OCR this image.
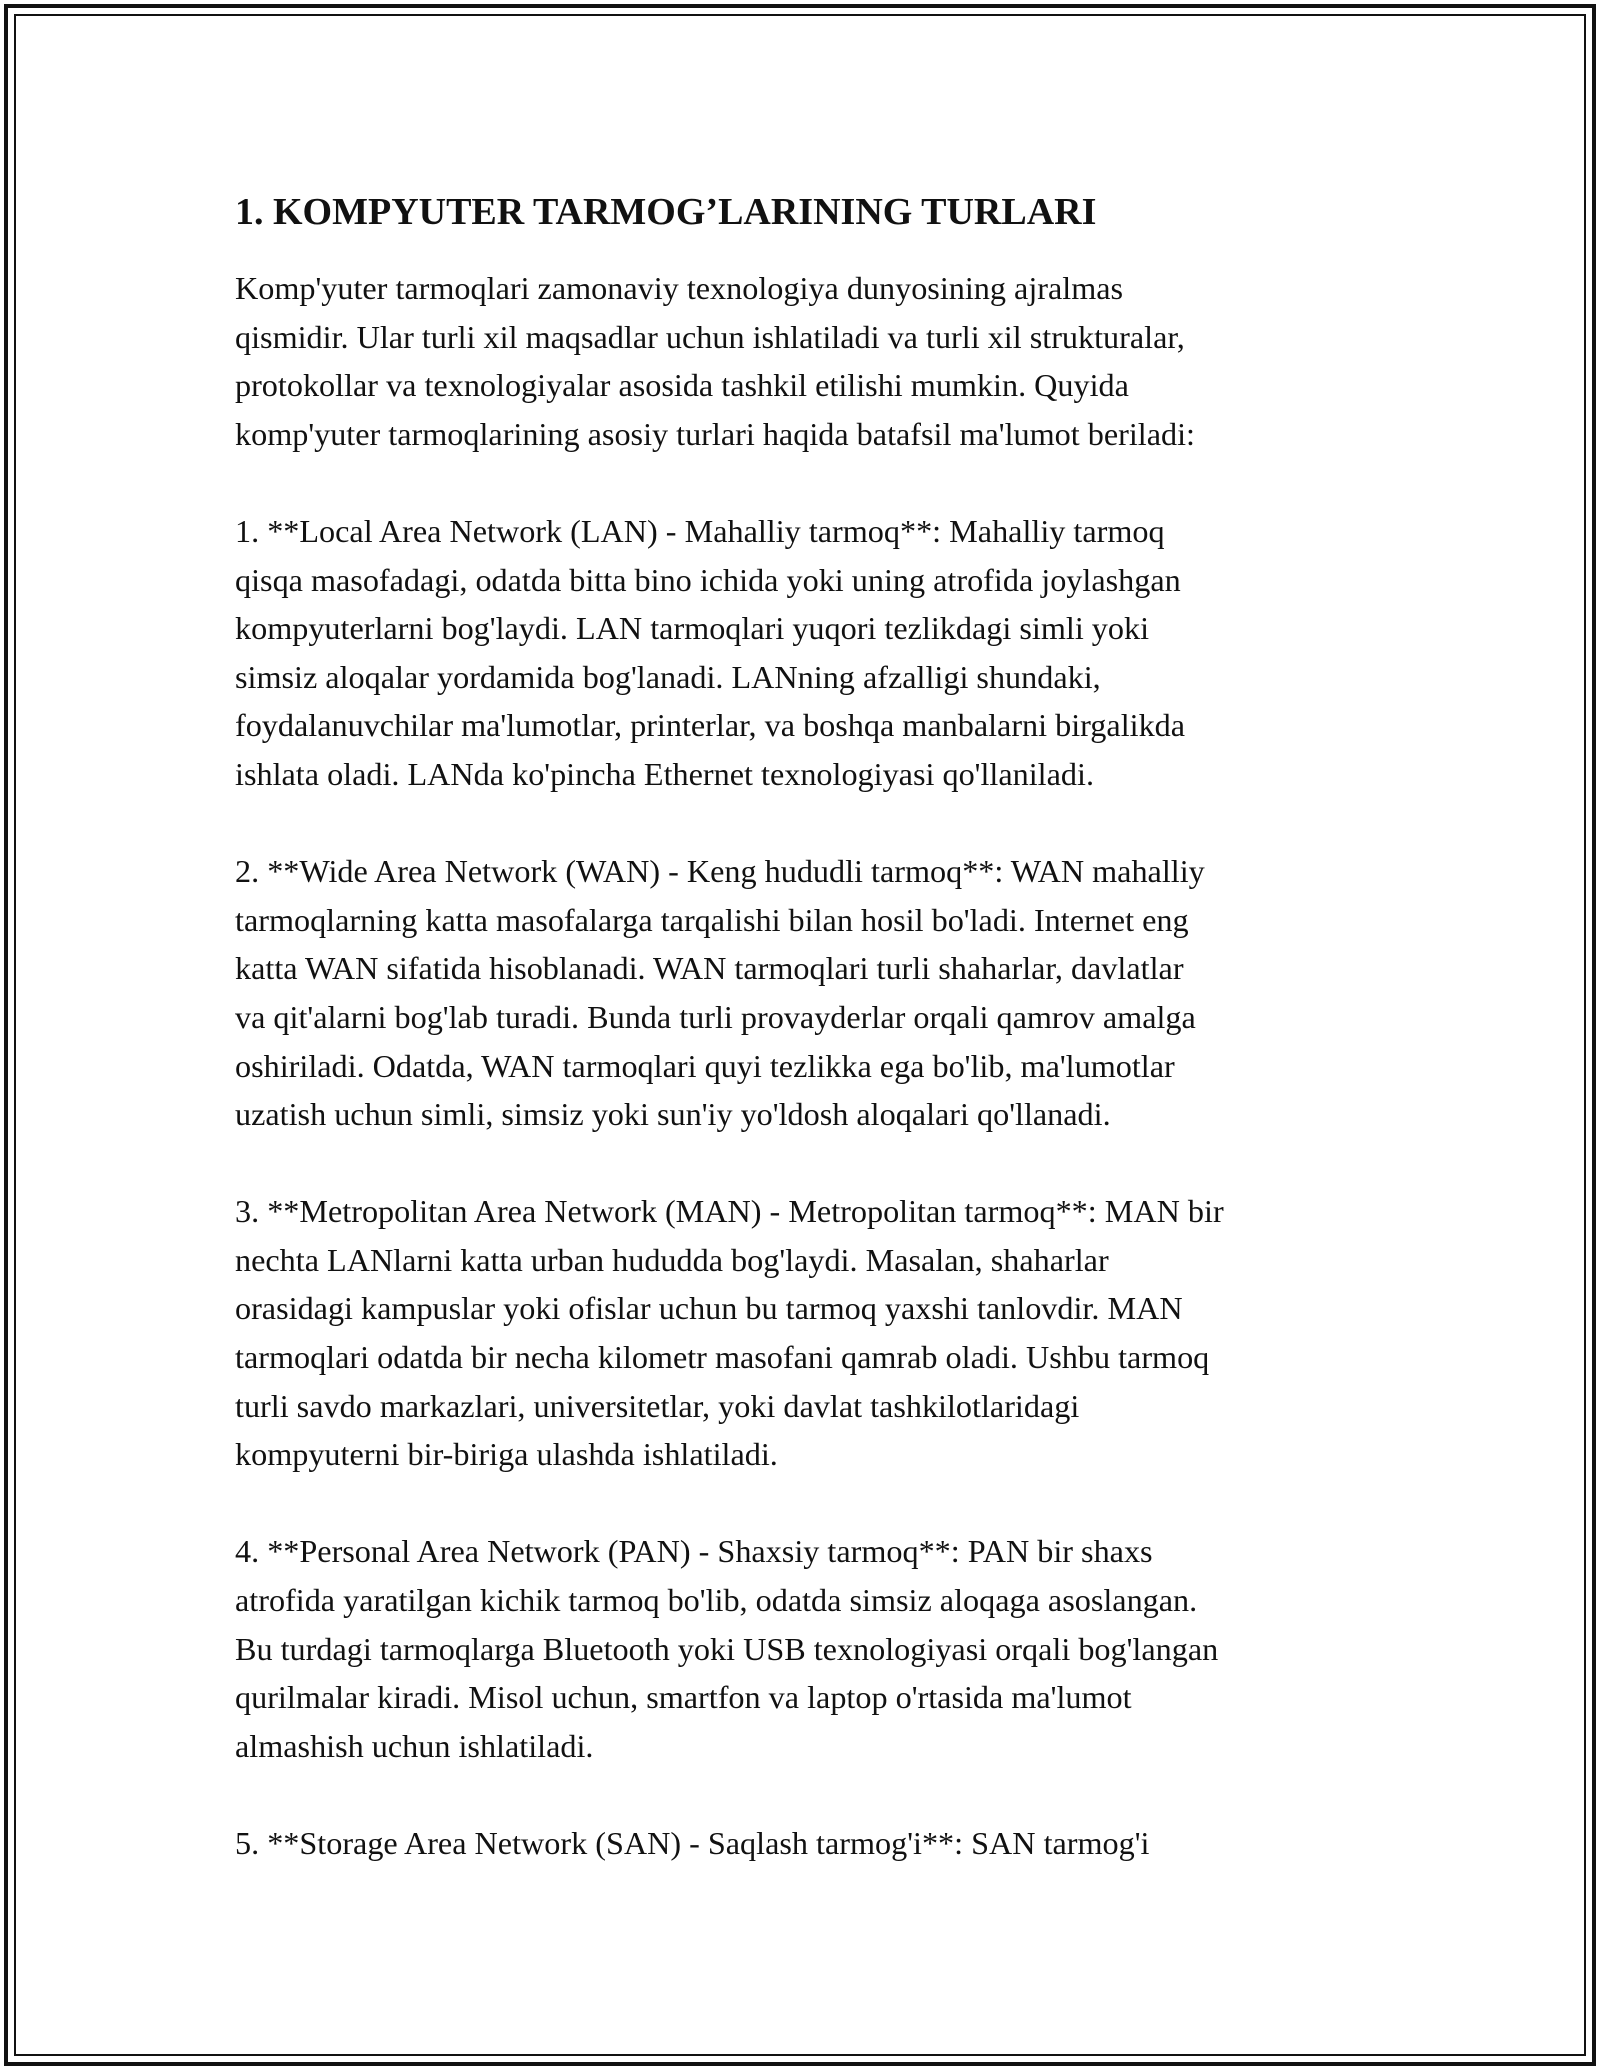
1. KOMPYUTER TARMOG’LARINING TURLARI

Komp'yuter tarmoqlari zamonaviy texnologiya dunyosining ajralmas
qismidir. Ular turli xil maqsadlar uchun ishlatiladi va turli xil strukturalar,
protokollar va texnologiyalar asosida tashkil etilishi mumkin. Quyida
komp'yuter tarmoqlarining asosiy turlari haqida batafsil ma'lumot beriladi:

1. **Local Area Network (LAN) - Mahalliy tarmoq**: Mahalliy tarmoq
qisqa masofadagi, odatda bitta bino ichida yoki uning atrofida joylashgan
kompyuterlarni bog'laydi. LAN tarmoqlari yuqori tezlikdagi simli yoki
simsiz aloqalar yordamida bog'lanadi. LANning afzalligi shundaki,
foydalanuvchilar ma'lumotlar, printerlar, va boshqa manbalarni birgalikda
ishlata oladi. LANda ko'pincha Ethernet texnologiyasi qo'llaniladi.

2. **Wide Area Network (WAN) - Keng hududli tarmoq**: WAN mahalliy
tarmoqlarning katta masofalarga tarqalishi bilan hosil bo'ladi. Internet eng
katta WAN sifatida hisoblanadi. WAN tarmoqlari turli shaharlar, davlatlar
va qit'alarni bog'lab turadi. Bunda turli provayderlar orqali qamrov amalga
oshiriladi. Odatda, WAN tarmoqlari quyi tezlikka ega bo'lib, ma'lumotlar
uzatish uchun simli, simsiz yoki sun'iy yo'ldosh aloqalari qo'llanadi.

3. **Metropolitan Area Network (MAN) - Metropolitan tarmoq**: MAN bir
nechta LANlarni katta urban hududda bog'laydi. Masalan, shaharlar
orasidagi kampuslar yoki ofislar uchun bu tarmoq yaxshi tanlovdir. MAN
tarmoqlari odatda bir necha kilometr masofani qamrab oladi. Ushbu tarmoq
turli savdo markazlari, universitetlar, yoki davlat tashkilotlaridagi
kompyuterni bir-biriga ulashda ishlatiladi.

4. **Personal Area Network (PAN) - Shaxsiy tarmoq**: PAN bir shaxs
atrofida yaratilgan kichik tarmoq bo'lib, odatda simsiz aloqaga asoslangan.
Bu turdagi tarmoqlarga Bluetooth yoki USB texnologiyasi orqali bog'langan
qurilmalar kiradi. Misol uchun, smartfon va laptop o'rtasida ma'lumot
almashish uchun ishlatiladi.

5. **Storage Area Network (SAN) - Saqlash tarmog'i**: SAN tarmog'i
